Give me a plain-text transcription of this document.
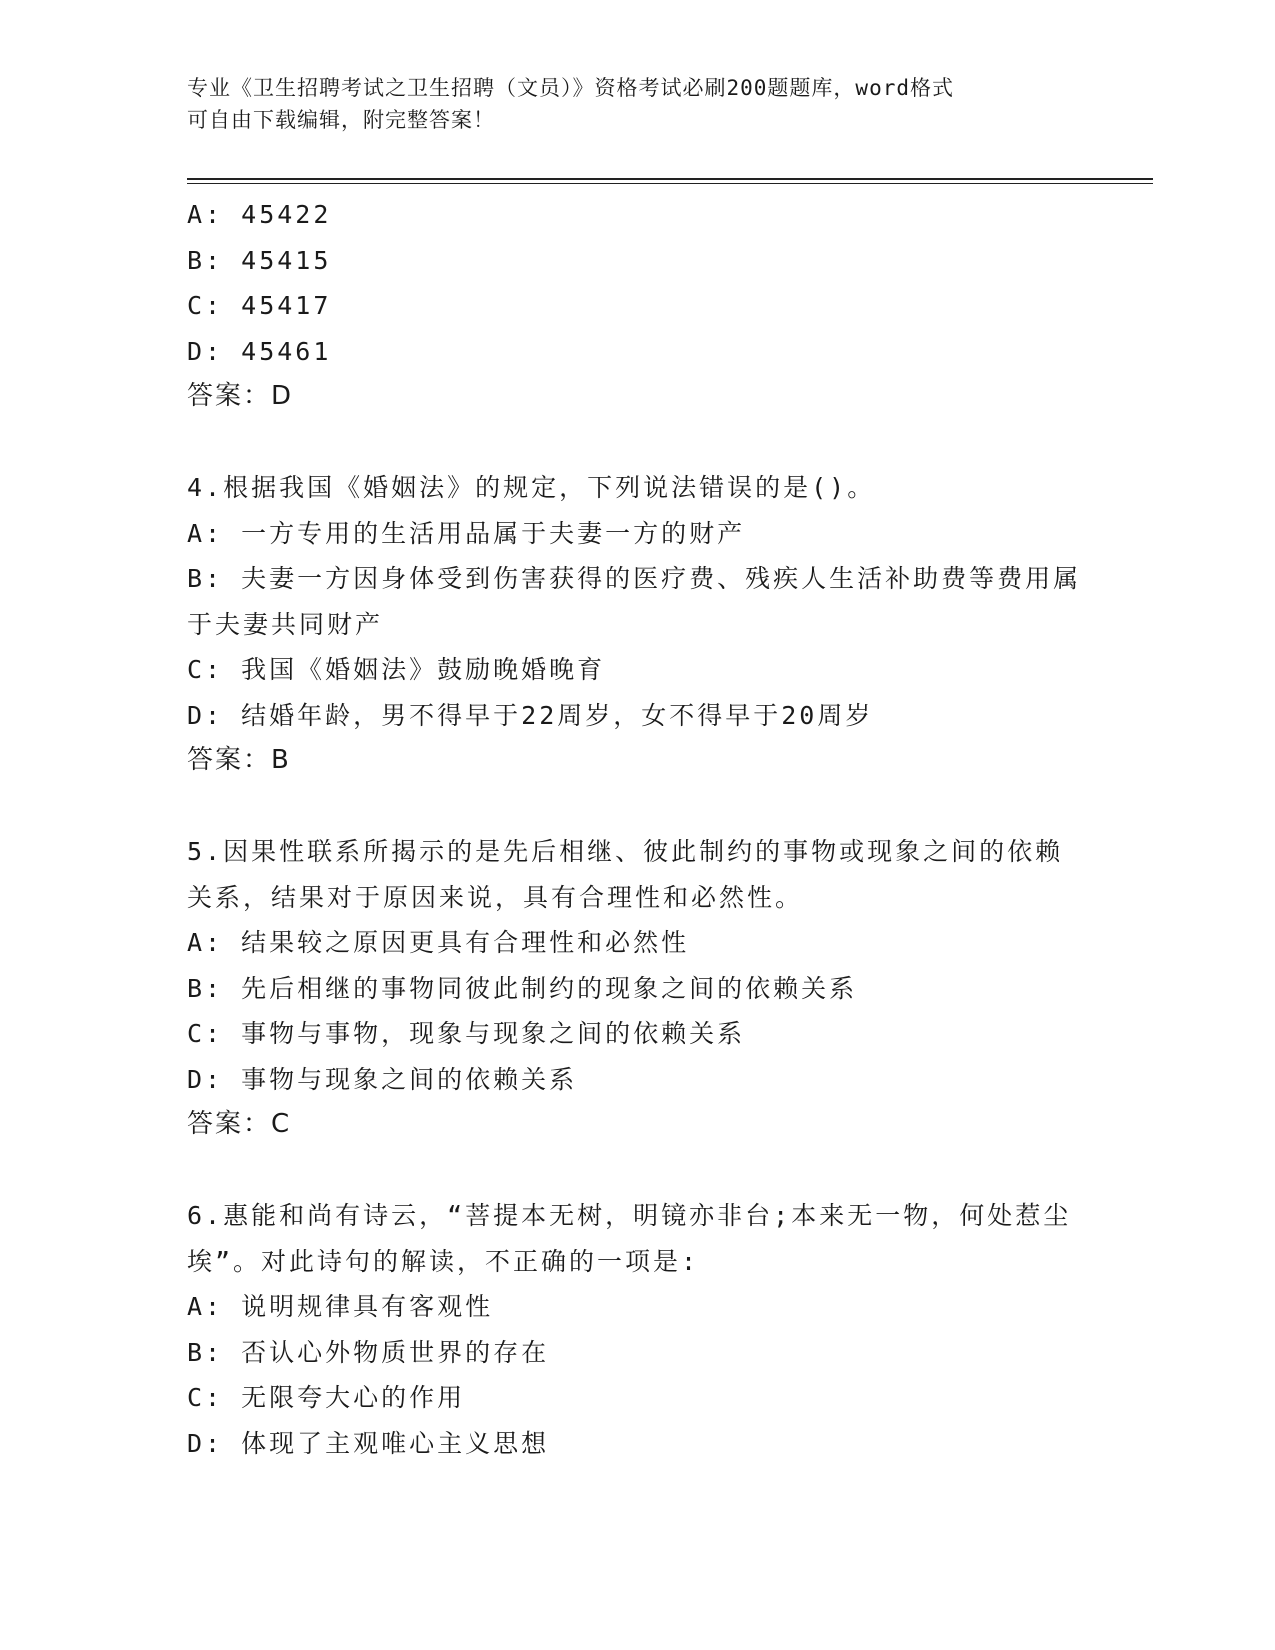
专业《卫生招聘考试之卫生招聘（文员）》资格考试必刷200题题库，word格式
可自由下载编辑，附完整答案！
A: 45422
B: 45415
C: 45417
D: 45461
答案：D
4.根据我国《婚姻法》的规定，下列说法错误的是()。
A: 一方专用的生活用品属于夫妻一方的财产
B: 夫妻一方因身体受到伤害获得的医疗费、残疾人生活补助费等费用属于夫妻共同财产
C: 我国《婚姻法》鼓励晚婚晚育
D: 结婚年龄，男不得早于22周岁，女不得早于20周岁
答案：B
5.因果性联系所揭示的是先后相继、彼此制约的事物或现象之间的依赖关系，结果对于原因来说，具有合理性和必然性。
A: 结果较之原因更具有合理性和必然性
B: 先后相继的事物同彼此制约的现象之间的依赖关系
C: 事物与事物，现象与现象之间的依赖关系
D: 事物与现象之间的依赖关系
答案：C
6.惠能和尚有诗云，“菩提本无树，明镜亦非台;本来无一物，何处惹尘埃”。对此诗句的解读，不正确的一项是:
A: 说明规律具有客观性
B: 否认心外物质世界的存在
C: 无限夸大心的作用
D: 体现了主观唯心主义思想
